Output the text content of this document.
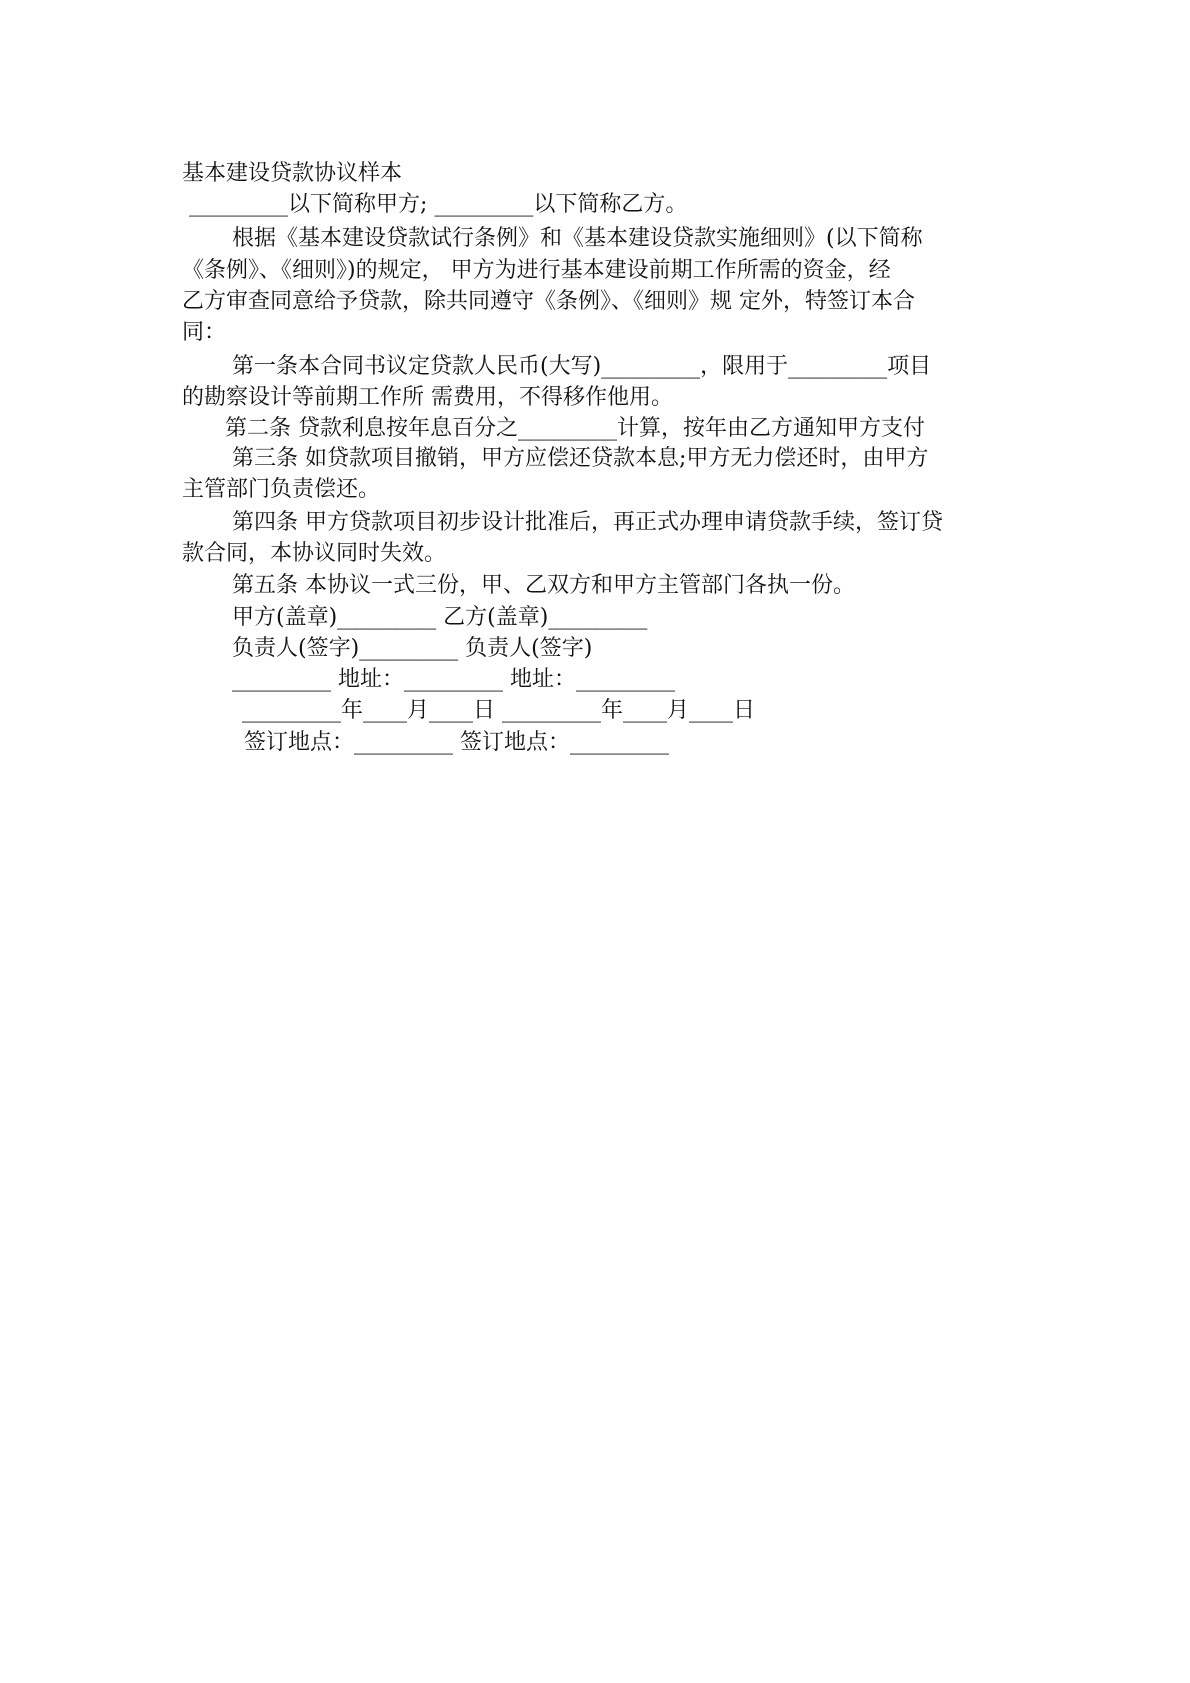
基本建设贷款协议样本
_________以下简称甲方; _________以下简称乙方。
根据《基本建设贷款试行条例》和《基本建设贷款实施细则》(以下简称
《条例》、《细则》)的规定， 甲方为进行基本建设前期工作所需的资金，经
乙方审查同意给予贷款，除共同遵守《条例》、《细则》规 定外，特签订本合
同：
第一条本合同书议定贷款人民币(大写)_________，限用于_________项目
的勘察设计等前期工作所 需费用，不得移作他用。
第二条 贷款利息按年息百分之_________计算，按年由乙方通知甲方支付
第三条 如贷款项目撤销，甲方应偿还贷款本息;甲方无力偿还时，由甲方
主管部门负责偿还。
第四条 甲方贷款项目初步设计批准后，再正式办理申请贷款手续，签订贷
款合同，本协议同时失效。
第五条 本协议一式三份，甲、乙双方和甲方主管部门各执一份。
甲方(盖章)_________ 乙方(盖章)_________
负责人(签字)_________ 负责人(签字)
_________ 地址：_________ 地址：_________
_________年____月____日 _________年____月____日
签订地点：_________ 签订地点：_________
